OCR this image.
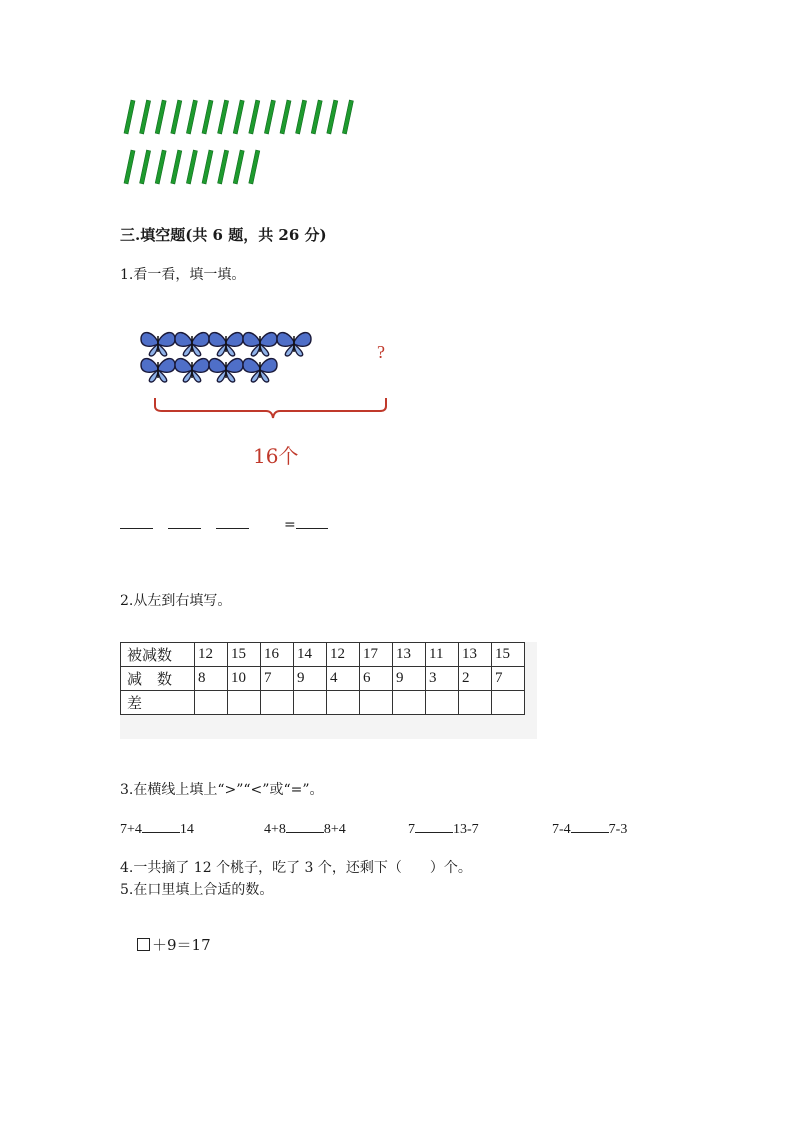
三.填空题(共 6 题，共 26 分)
1.看一看，填一填。
?
16个
=
2.从左到右填写。
被减数	12	15	16	14	12	17	13	11	13	15
减　数	8	10	7	9	4	6	9	3	2	7
差										
3.在横线上填上“>”“<”或“=”。
7+4	14	4+8	8+4	7	13-7	7-4	7-3
4.一共摘了 12 个桃子，吃了 3 个，还剩下（　　）个。
5.在口里填上合适的数。
＋9＝17
